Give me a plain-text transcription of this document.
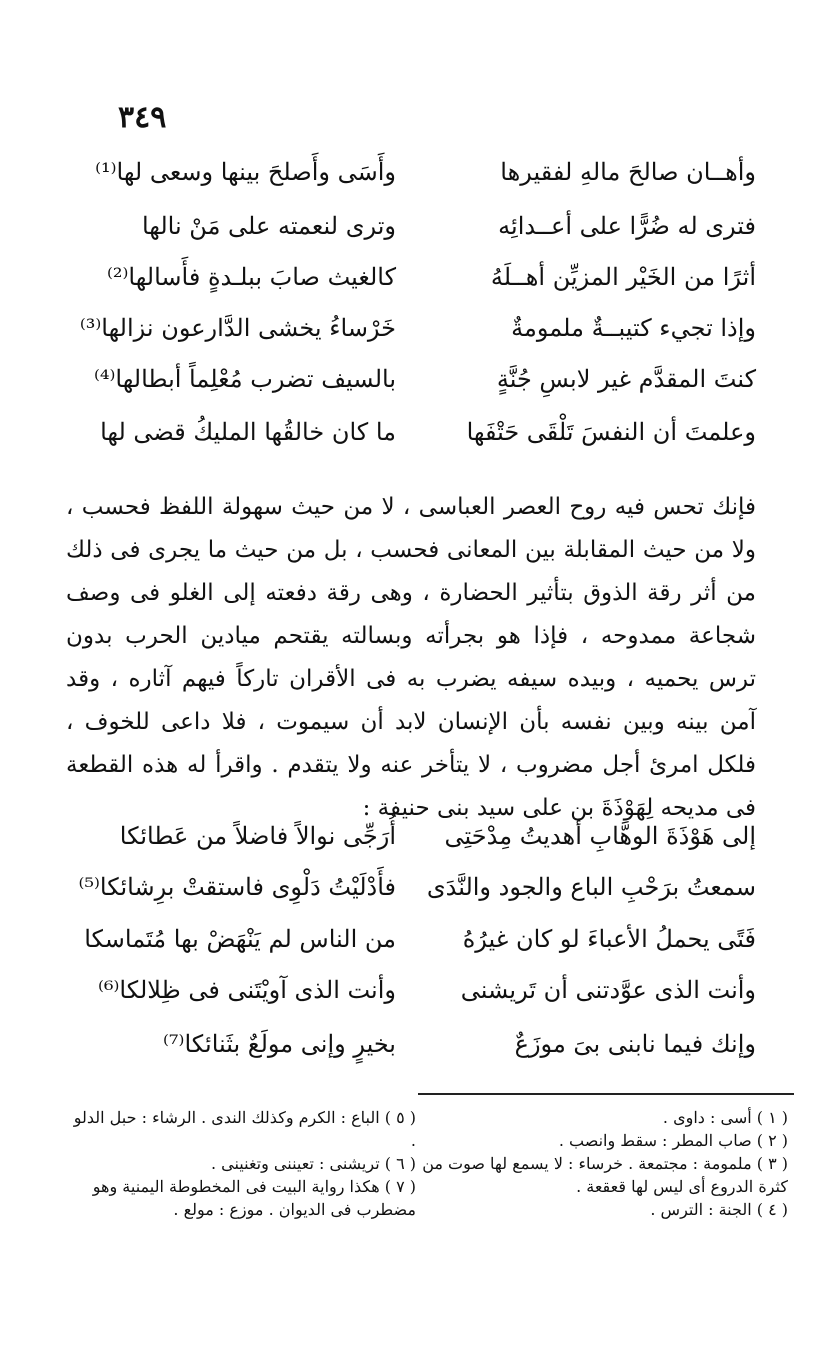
٣٤٩
وأهــان صالحَ مالهِ لفقيرها
وأَسَى وأَصلحَ بينها وسعى لها⁽¹⁾
فترى له ضُرًّا على أعــدائِه
وترى لنعمته على مَنْ نالها
أثرًا من الخَيْر المزيِّن أهــلَهُ
كالغيث صابَ ببلـدةٍ فأَسالها⁽²⁾
وإذا تجيء كتيبــةٌ ملمومةٌ
خَرْساءُ يخشى الدَّارعون نزالها⁽³⁾
كنتَ المقدَّم غير لابسِ جُنَّةٍ
بالسيف تضرب مُعْلِماً أبطالها⁽⁴⁾
وعلمتَ أن النفسَ تَلْقَى حَتْفَها
ما كان خالقُها المليكُ قضى لها

فإنك تحس فيه روح العصر العباسى ، لا من حيث سهولة اللفظ فحسب ، ولا من حيث المقابلة بين المعانى فحسب ، بل من حيث ما يجرى فى ذلك من أثر رقة الذوق بتأثير الحضارة ، وهى رقة دفعته إلى الغلو فى وصف شجاعة ممدوحه ، فإذا هو بجرأته وبسالته يقتحم ميادين الحرب بدون ترس يحميه ، وبيده سيفه يضرب به فى الأقران تاركاً فيهم آثاره ، وقد آمن بينه وبين نفسه بأن الإنسان لابد أن سيموت ، فلا داعى للخوف ، فلكل امرئ أجل مضروب ، لا يتأخر عنه ولا يتقدم . واقرأ له هذه القطعة فى مديحه لِهَوْذَةَ بن على سيد بنى حنيفة :

إلى هَوْذَةَ الوهَّابِ أهديتُ مِدْحَتِى
أُرَجِّى نوالاً فاضلاً من عَطائكا
سمعتُ برَحْبِ الباع والجود والنَّدَى
فأَدْلَيْتُ دَلْوِى فاستقتْ برِشائكا⁽⁵⁾
فَتًى يحملُ الأعباءَ لو كان غيرُهُ
من الناس لم يَنْهَضْ بها مُتَماسكا
وأنت الذى عوَّدتنى أن تَريشنى
وأنت الذى آويْتَنى فى ظِلالكا⁽⁶⁾
وإنك فيما نابنى بىَ موزَعٌ
بخيرٍ وإنى مولَعٌ بثَنائكا⁽⁷⁾
( ١ ) أسى : داوى .
( ٢ ) صاب المطر : سقط وانصب .
( ٣ ) ملمومة : مجتمعة . خرساء : لا يسمع لها صوت من كثرة الدروع أى ليس لها قعقعة .
( ٤ ) الجنة : الترس .
( ٥ ) الباع : الكرم وكذلك الندى . الرشاء : حبل الدلو .
( ٦ ) تريشنى : تعيننى وتغنينى .
( ٧ ) هكذا رواية البيت فى المخطوطة اليمنية وهو مضطرب فى الديوان . موزع : مولع .
